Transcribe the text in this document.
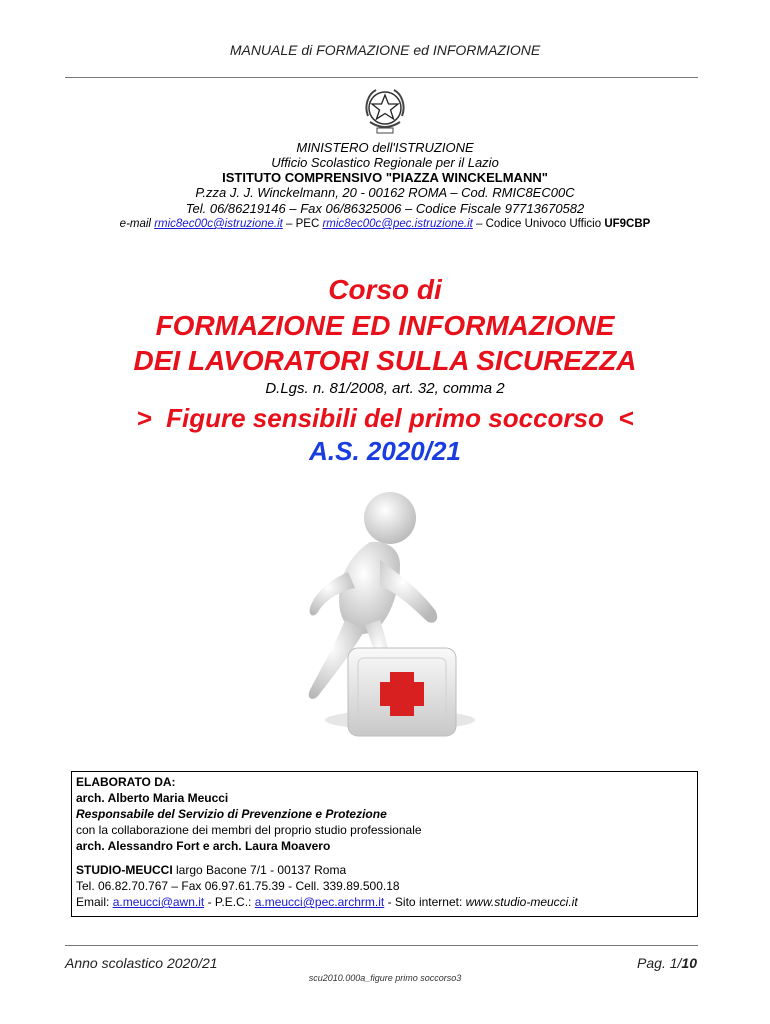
MANUALE di FORMAZIONE ed INFORMAZIONE
MINISTERO dell'ISTRUZIONE
Ufficio Scolastico Regionale per il Lazio
ISTITUTO COMPRENSIVO "PIAZZA WINCKELMANN"
P.zza J. J. Winckelmann, 20 - 00162 ROMA – Cod. RMIC8EC00C
Tel. 06/86219146 – Fax 06/86325006 – Codice Fiscale 97713670582
e-mail rmic8ec00c@istruzione.it – PEC rmic8ec00c@pec.istruzione.it – Codice Univoco Ufficio UF9CBP
Corso di
FORMAZIONE ED INFORMAZIONE
DEI LAVORATORI SULLA SICUREZZA
D.Lgs. n. 81/2008, art. 32, comma 2
>  Figure sensibili del primo soccorso  <
A.S. 2020/21
ELABORATO DA:
arch. Alberto Maria Meucci
Responsabile del Servizio di Prevenzione e Protezione
con la collaborazione dei membri del proprio studio professionale
arch. Alessandro Fort e arch. Laura Moavero
STUDIO-MEUCCI largo Bacone 7/1 - 00137 Roma
Tel. 06.82.70.767 – Fax 06.97.61.75.39 - Cell. 339.89.500.18
Email: a.meucci@awn.it - P.E.C.: a.meucci@pec.archrm.it - Sito internet: www.studio-meucci.it
Anno scolastico 2020/21	Pag. 1/10
scu2010.000a_figure primo soccorso3
